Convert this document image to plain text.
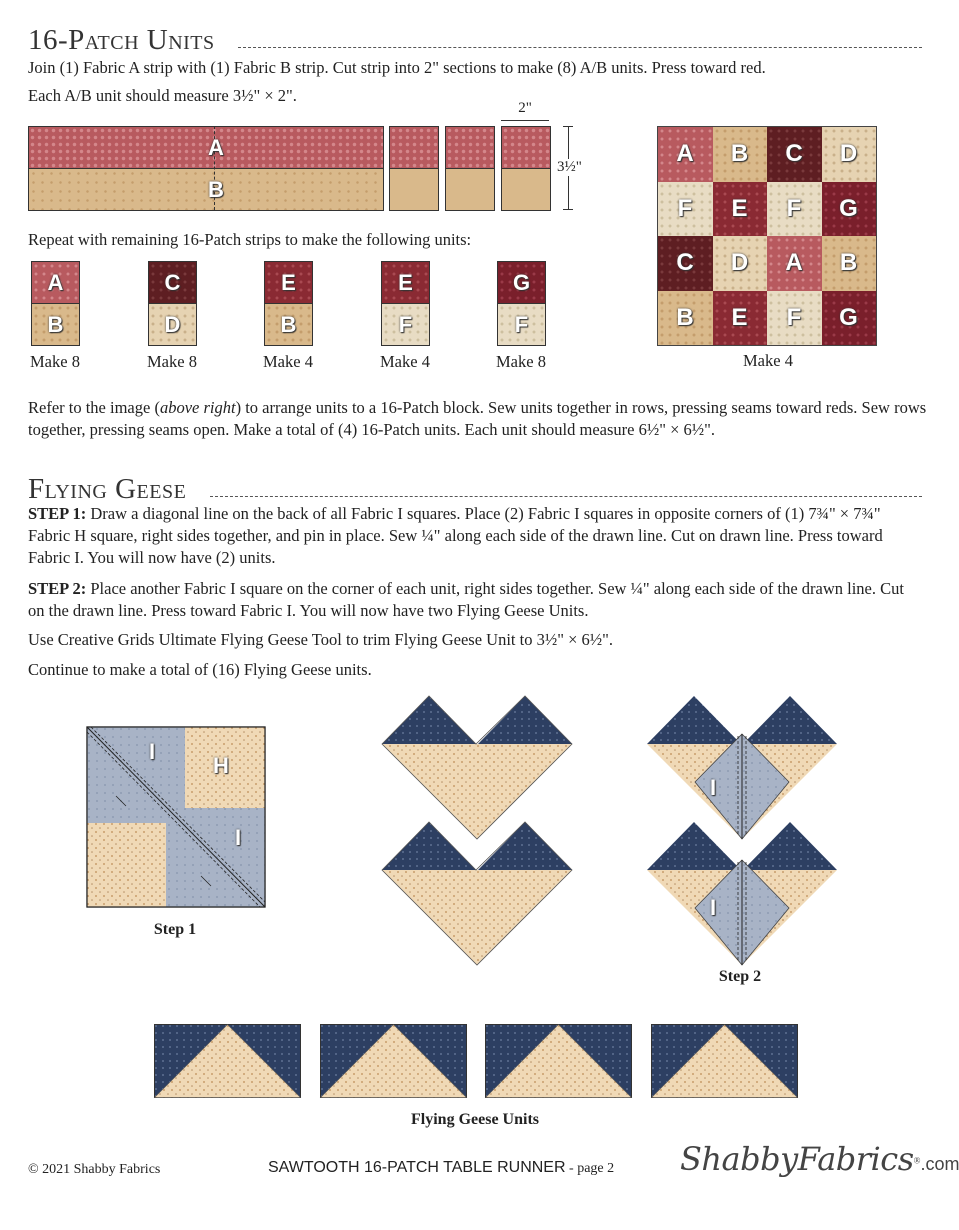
16-Patch Units
Join (1) Fabric A strip with (1) Fabric B strip. Cut strip into 2" sections to make (8) A/B units. Press toward red.
Each A/B unit should measure 3½" × 2".
A
B
2"
3½"
Repeat with remaining 16-Patch strips to make the following units:
A
B
Make 8
C
D
Make 8
E
B
Make 4
E
F
Make 4
G
F
Make 8
A	B	C	D
F	E	F	G
C	D	A	B
B	E	F	G
Make 4
Refer to the image (above right) to arrange units to a 16-Patch block. Sew units together in rows, pressing seams toward reds. Sew rows together, pressing seams open. Make a total of (4) 16-Patch units. Each unit should measure 6½" × 6½".
Flying Geese
STEP 1: Draw a diagonal line on the back of all Fabric I squares. Place (2) Fabric I squares in opposite corners of (1) 7¾" × 7¾" Fabric H square, right sides together, and pin in place. Sew ¼" along each side of the drawn line. Cut on drawn line. Press toward Fabric I. You will now have (2) units.
STEP 2: Place another Fabric I square on the corner of each unit, right sides together. Sew ¼" along each side of the drawn line. Cut on the drawn line. Press toward Fabric I. You will now have two Flying Geese Units.
Use Creative Grids Ultimate Flying Geese Tool to trim Flying Geese Unit to 3½" × 6½".
Continue to make a total of (16) Flying Geese units.
I
H
I
Step 1
I
I
Step 2
Flying Geese Units
© 2021 Shabby Fabrics	SAWTOOTH 16-PATCH TABLE RUNNER - page 2 ShabbyFabrics®.com
